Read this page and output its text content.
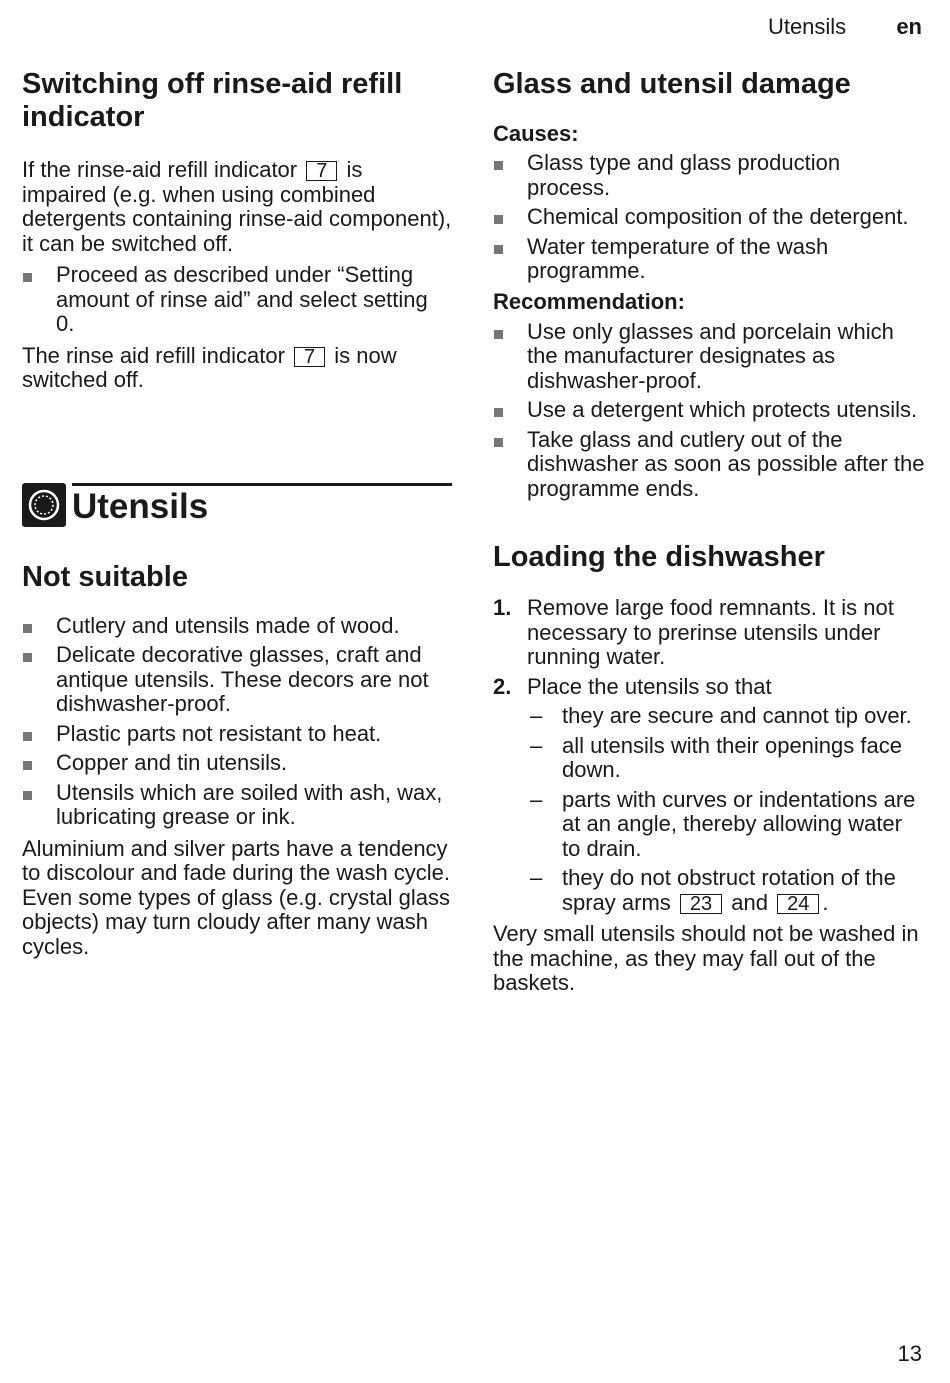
Utensils en
Switching off rinse-aid refill indicator

If the rinse-aid refill indicator 7 is impaired (e.g. when using combined detergents containing rinse-aid component), it can be switched off.

Proceed as described under “Setting amount of rinse aid” and select setting 0.

The rinse aid refill indicator 7 is now switched off.

Utensils
Not suitable
Cutlery and utensils made of wood.
Delicate decorative glasses, craft and antique utensils. These decors are not dishwasher-proof.
Plastic parts not resistant to heat.
Copper and tin utensils.
Utensils which are soiled with ash, wax, lubricating grease or ink.

Aluminium and silver parts have a tendency to discolour and fade during the wash cycle. Even some types of glass (e.g. crystal glass objects) may turn cloudy after many wash cycles.

Glass and utensil damage
Causes:
Glass type and glass production process.
Chemical composition of the detergent.
Water temperature of the wash programme.
Recommendation:
Use only glasses and porcelain which the manufacturer designates as dishwasher-proof.
Use a detergent which protects utensils.
Take glass and cutlery out of the dishwasher as soon as possible after the programme ends.
Loading the dishwasher
1. Remove large food remnants. It is not necessary to prerinse utensils under running water.
2. Place the utensils so that
– they are secure and cannot tip over.
– all utensils with their openings face down.
– parts with curves or indentations are at an angle, thereby allowing water to drain.
– they do not obstruct rotation of the spray arms 23 and 24 .

Very small utensils should not be washed in the machine, as they may fall out of the baskets.

13
